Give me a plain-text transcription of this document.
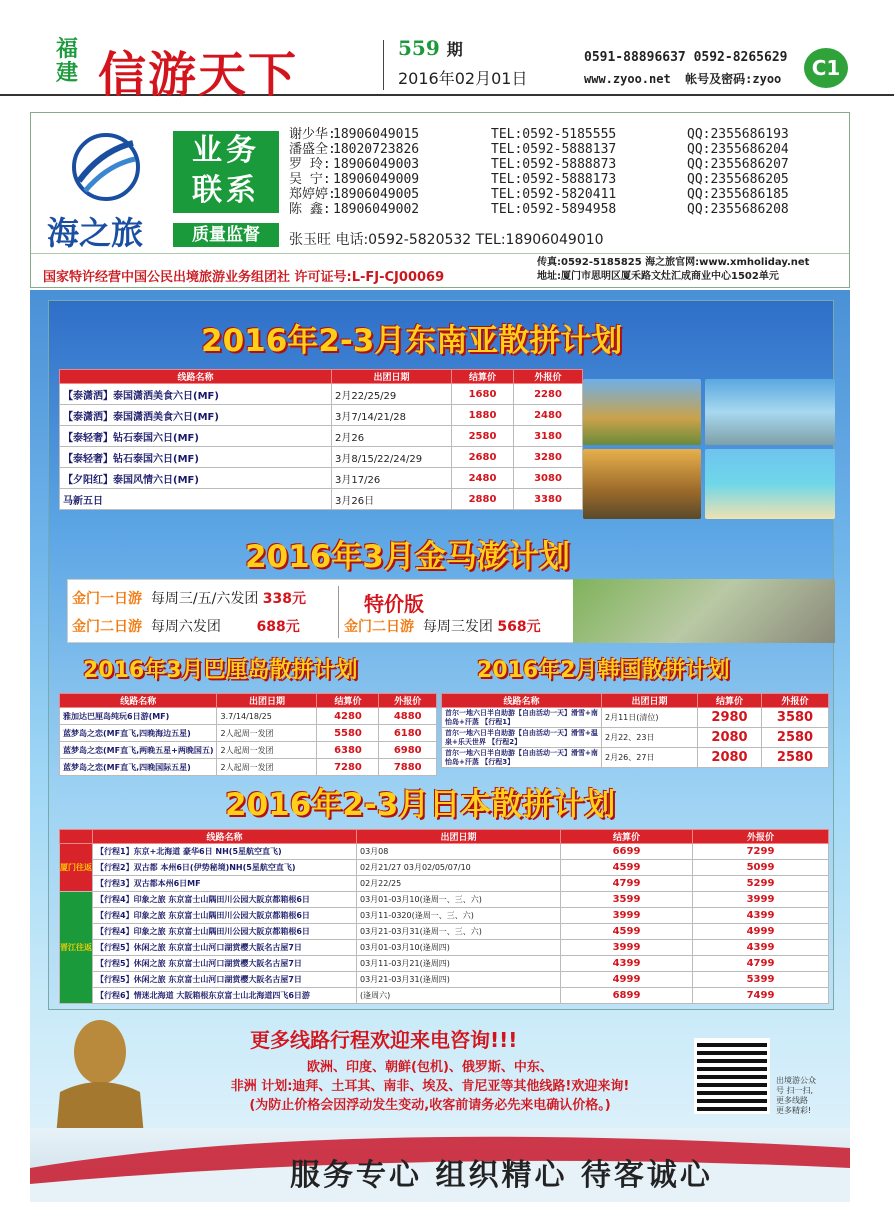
福建 信游天下	559 期
2016年02月01日
0591-88896637 0592-8265629
www.zyoo.net 帐号及密码:zyoo	C1
海之旅
业务
联系
质量监督
谢少华:18906049015	TEL:0592-5185555	QQ:2355686193
潘盛全:18020723826	TEL:0592-5888137	QQ:2355686204
罗 玲: 18906049003	TEL:0592-5888873	QQ:2355686207
吴 宁: 18906049009	TEL:0592-5888173	QQ:2355686205
郑婷婷:18906049005	TEL:0592-5820411	QQ:2355686185
陈 鑫: 18906049002	TEL:0592-5894958	QQ:2355686208
张玉旺 电话:0592-5820532 TEL:18906049010
国家特许经营中国公民出境旅游业务组团社 许可证号:L-FJ-CJ00069
传真:0592-5185825 海之旅官网:www.xmholiday.net
地址:厦门市思明区厦禾路文灶汇成商业中心1502单元
2016年2-3月东南亚散拼计划
线路名称	出团日期	结算价	外报价
【泰潇洒】泰国潇洒美食六日(MF)	2月22/25/29	1680	2280
【泰潇洒】泰国潇洒美食六日(MF)	3月7/14/21/28	1880	2480
【泰轻奢】钻石泰国六日(MF)	2月26	2580	3180
【泰轻奢】钻石泰国六日(MF)	3月8/15/22/24/29	2680	3280
【夕阳红】泰国风情六日(MF)	3月17/26	2480	3080
马新五日	3月26日	2880	3380
2016年3月金马澎计划
金门一日游 每周三/五/六发团 338元
金门二日游 每周六发团	688元
特价版
金门二日游 每周三发团 568元
2016年3月巴厘岛散拼计划
线路名称	出团日期	结算价	外报价
雅加达巴厘岛纯玩6日游(MF)	3.7/14/18/25	4280	4880
蓝梦岛之恋(MF直飞,四晚海边五星)	2人起周一发团	5580	6180
蓝梦岛之恋(MF直飞,两晚五星+两晚国五)	2人起周一发团	6380	6980
蓝梦岛之恋(MF直飞,四晚国际五星)	2人起周一发团	7280	7880
2016年2月韩国散拼计划
线路名称	出团日期	结算价	外报价
首尔一地六日半自助游【自由活动一天】滑雪+南怡岛+汗蒸 【行程1】	2月11日(清位)	2980	3580
首尔一地六日半自助游【自由活动一天】滑雪+温泉+乐天世界 【行程2】	2月22、23日	2080	2580
首尔一地六日半自助游【自由活动一天】滑雪+南怡岛+汗蒸 【行程3】	2月26、27日	2080	2580
2016年2-3月日本散拼计划
	线路名称	出团日期	结算价	外报价
厦门往返	【行程1】东京+北海道 豪华6日 NH(5星航空直飞)	03月08	6699	7299
	【行程2】双古都 本州6日(伊势秘境)NH(5星航空直飞)	02月21/27 03月02/05/07/10	4599	5099
	【行程3】双古都本州6日MF	02月22/25	4799	5299
晋江往返	【行程4】印象之旅 东京富士山隅田川公园大阪京都箱根6日	03月01-03月10(逢周一、三、六)	3599	3999
	【行程4】印象之旅 东京富士山隅田川公园大阪京都箱根6日	03月11-0320(逢周一、三、六)	3999	4399
	【行程4】印象之旅 东京富士山隅田川公园大阪京都箱根6日	03月21-03月31(逢周一、三、六)	4599	4999
	【行程5】休闲之旅 东京富士山河口湖赏樱大阪名古屋7日	03月01-03月10(逢周四)	3999	4399
	【行程5】休闲之旅 东京富士山河口湖赏樱大阪名古屋7日	03月11-03月21(逢周四)	4399	4799
	【行程5】休闲之旅 东京富士山河口湖赏樱大阪名古屋7日	03月21-03月31(逢周四)	4999	5399
	【行程6】情迷北海道 大阪箱根东京富士山北海道四飞6日游	(逢周六)	6899	7499
更多线路行程欢迎来电咨询!!!
欧洲、印度、朝鲜(包机)、俄罗斯、中东、
非洲 计划:迪拜、土耳其、南非、埃及、肯尼亚等其他线路!欢迎来询!
(为防止价格会因浮动发生变动,收客前请务必先来电确认价格。)
出境游公众号 扫一扫,更多线路 更多精彩!
服务专心 组织精心 待客诚心
